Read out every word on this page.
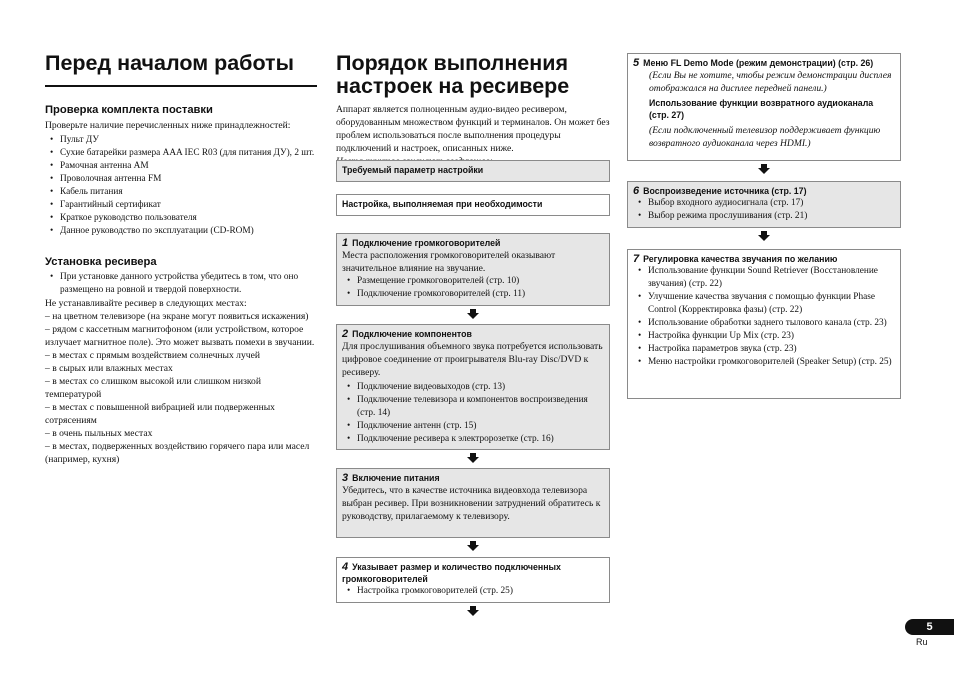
Перед началом работы
Проверка комплекта поставки
Проверьте наличие перечисленных ниже принадлежностей:
• Пульт ДУ
• Сухие батарейки размера AAA IEC R03 (для питания ДУ), 2 шт.
• Рамочная антенна AM
• Проволочная антенна FM
• Кабель питания
• Гарантийный сертификат
• Краткое руководство пользователя
• Данное руководство по эксплуатации (CD-ROM)
Установка ресивера
• При установке данного устройства убедитесь в том, что оно размещено на ровной и твердой поверхности.
Не устанавливайте ресивер в следующих местах:
– на цветном телевизоре (на экране могут появиться искажения)
– рядом с кассетным магнитофоном (или устройством, которое излучает магнитное поле). Это может вызвать помехи в звучании.
– в местах с прямым воздействием солнечных лучей
– в сырых или влажных местах
– в местах со слишком высокой или слишком низкой температурой
– в местах с повышенной вибрацией или подверженных сотрясениям
– в очень пыльных местах
– в местах, подверженных воздействию горячего пара или масел (например, кухня)
Порядок выполнения
настроек на ресивере
Аппарат является полноценным аудио-видео ресивером, оборудованным множеством функций и терминалов. Он может без проблем использоваться после выполнения процедуры подключений и настроек, описанных ниже.
Требуемый параметр настройки
Настройка, выполняемая при необходимости
1 Подключение громкоговорителей
Места расположения громкоговорителей оказывают значительное влияние на звучание.
• Размещение громкоговорителей (стр. 10)
• Подключение громкоговорителей (стр. 11)
2 Подключение компонентов
Для прослушивания объемного звука потребуется использовать цифровое соединение от проигрывателя Blu-ray Disc/DVD к ресиверу.
• Подключение видеовыходов (стр. 13)
• Подключение телевизора и компонентов воспроизведения (стр. 14)
• Подключение антенн (стр. 15)
• Подключение ресивера к электророзетке (стр. 16)
3 Включение питания
Убедитесь, что в качестве источника видеовхода телевизора выбран ресивер. При возникновении затруднений обратитесь к руководству, прилагаемому к телевизору.
4 Указывает размер и количество подключенных громкоговорителей
• Настройка громкоговорителей (стр. 25)
5 Меню FL Demo Mode (режим демонстрации) (стр. 26)
(Если Вы не хотите, чтобы режим демонстрации дисплея отображался на дисплее передней панели.)
Использование функции возвратного аудиоканала (стр. 27)
(Если подключенный телевизор поддерживает функцию возвратного аудиоканала через HDMI.)
6 Воспроизведение источника (стр. 17)
• Выбор входного аудиосигнала (стр. 17)
• Выбор режима прослушивания (стр. 21)
7 Регулировка качества звучания по желанию
• Использование функции Sound Retriever (Восстановление звучания) (стр. 22)
• Улучшение качества звучания с помощью функции Phase Control (Корректировка фазы) (стр. 22)
• Использование обработки заднего тылового канала (стр. 23)
• Настройка функции Up Mix (стр. 23)
• Настройка параметров звука (стр. 23)
• Меню настройки громкоговорителей (Speaker Setup) (стр. 25)
5
Ru
